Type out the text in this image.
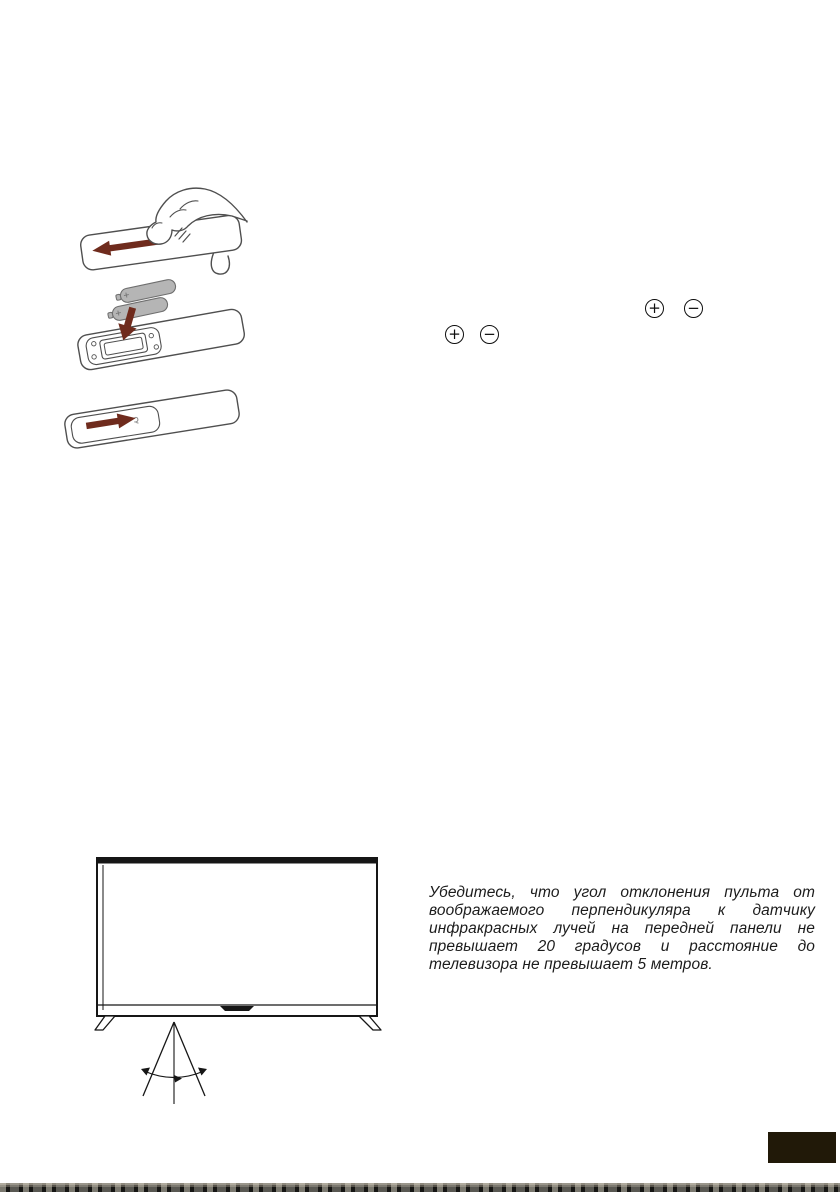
+ −
+ −

Убедитесь, что угол отклонения пульта от воображаемого перпендикуляра к датчику инфракрасных лучей на передней панели не превышает 20 градусов и расстояние до телевизора не превышает 5 метров.
